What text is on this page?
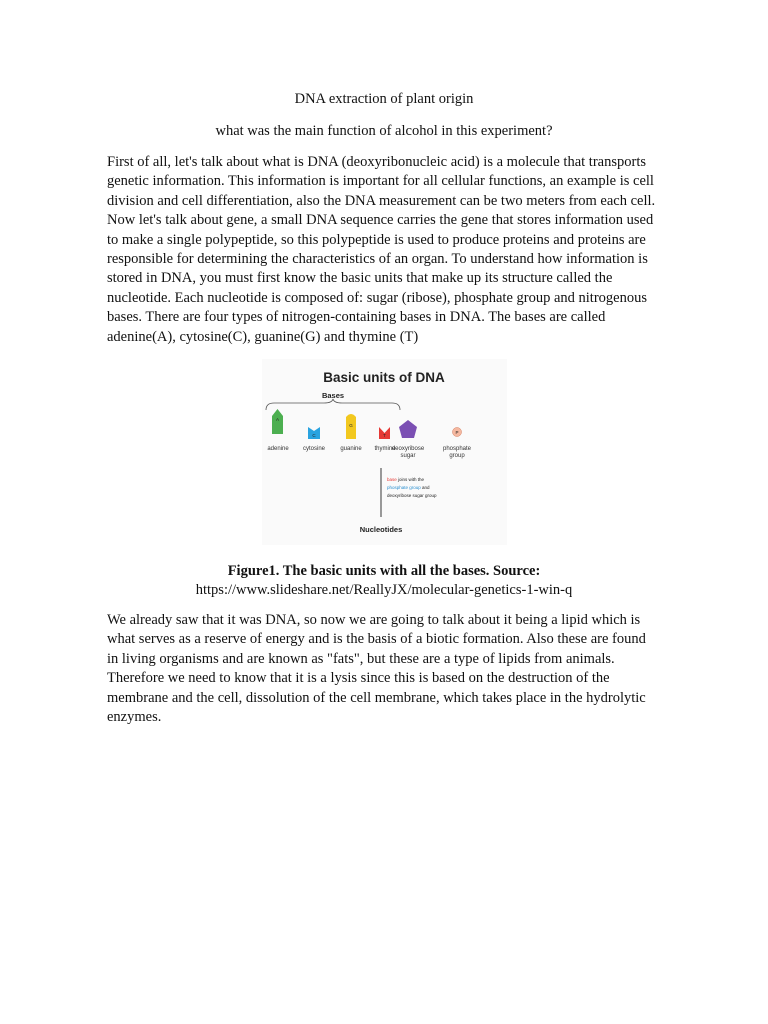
DNA extraction of plant origin
what was the main function of alcohol in this experiment?
First of all, let's talk about what is DNA (deoxyribonucleic acid) is a molecule that transports genetic information. This information is important for all cellular functions, an example is cell division and cell differentiation, also the DNA measurement can be two meters from each cell. Now let's talk about gene, a small DNA sequence carries the gene that stores information used to make a single polypeptide, so this polypeptide is used to produce proteins and proteins are responsible for determining the characteristics of an organ. To understand how information is stored in DNA, you must first know the basic units that make up its structure called the nucleotide. Each nucleotide is composed of: sugar (ribose), phosphate group and nitrogenous bases. There are four types of nitrogen-containing bases in DNA. The bases are called adenine(A), cytosine(C), guanine(G) and thymine (T)
Basic units of DNA
Bases
A
adenine
C
cytosine
G
guanine
T
thymine
deoxyribose
sugar
P
phosphate
group
base joins with the
phosphate group and
deoxyribose sugar group
Nucleotides
Figure1. The basic units with all the bases. Source:
https://www.slideshare.net/ReallyJX/molecular-genetics-1-win-q
We already saw that it was DNA, so now we are going to talk about it being a lipid which is what serves as a reserve of energy and is the basis of a biotic formation. Also these are found in living organisms and are known as "fats", but these are a type of lipids from animals. Therefore we need to know that it is a lysis since this is based on the destruction of the membrane and the cell, dissolution of the cell membrane, which takes place in the hydrolytic enzymes.
